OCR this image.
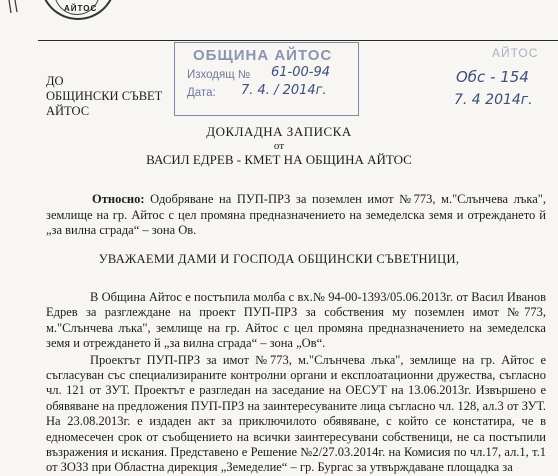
АЙТОС
ДО
ОБЩИНСКИ СЪВЕТ
АЙТОС
ОБЩИНА АЙТОС
Изходящ № 61-00-94
Дата: 7. 4. / 2014г.
АЙТОС
Обс - 154
7. 4 2014г.
ДОКЛАДНА ЗАПИСКА
от
ВАСИЛ ЕДРЕВ - КМЕТ НА ОБЩИНА АЙТОС
Относно: Одобряване на ПУП-ПРЗ за поземлен имот №773, м."Слънчева лъка", землище на гр. Айтос с цел промяна предназначението на земеделска земя и отреждането й „за вилна сграда“ – зона Ов.
УВАЖАЕМИ ДАМИ И ГОСПОДА ОБЩИНСКИ СЪВЕТНИЦИ,

В Община Айтос е постъпила молба с вх.№ 94-00-1393/05.06.2013г. от Васил Иванов Едрев за разглеждане на проект ПУП-ПРЗ за собствения му поземлен имот №773, м."Слънчева лъка", землище на гр. Айтос с цел промяна предназначението на земеделска земя и отреждането й „за вилна сграда“ – зона „Ов“.

Проектът ПУП-ПРЗ за имот №773, м."Слънчева лъка", землище на гр. Айтос е съгласуван със специализираните контролни органи и експлоатационни дружества, съгласно чл. 121 от ЗУТ. Проектът е разгледан на заседание на ОЕСУТ на 13.06.2013г. Извършено е обявяване на предложения ПУП-ПРЗ на заинтересуваните лица съгласно чл. 128, ал.3 от ЗУТ. На 23.08.2013г. е издаден акт за приключилото обявяване, с който се констатира, че в едномесечен срок от съобщението на всички заинтересувани собственици, не са постъпили възражения и искания. Представено е Решение №2/27.03.2014г. на Комисия по чл.17, ал.1, т.1 от ЗОЗЗ при Областна дирекция „Земеделие“ – гр. Бургас за утвърждаване площадка за
